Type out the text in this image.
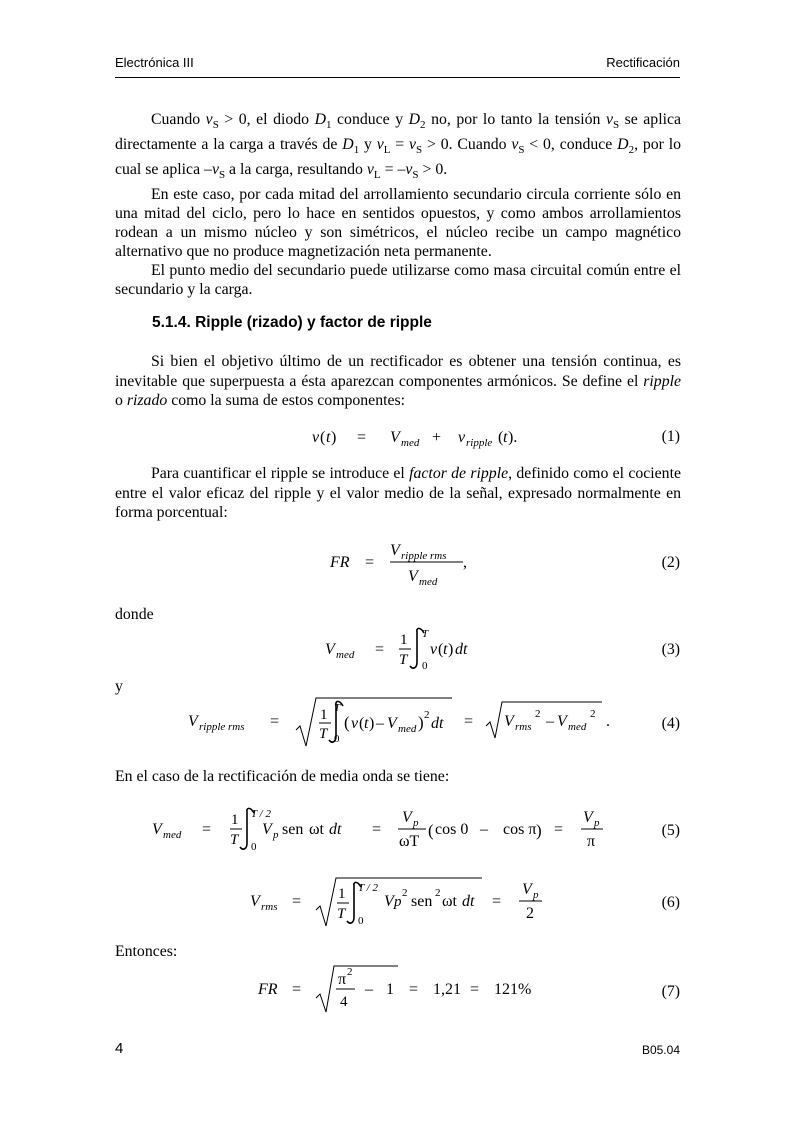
Electrónica III	Rectificación

Cuando $v_S > 0$, el diodo $D_1$ conduce y $D_2$ no, por lo tanto la tensión $v_S$ se aplica directamente a la carga a través de $D_1$ y $v_L = v_S > 0$. Cuando $v_S < 0$, conduce $D_2$, por lo cual se aplica $-v_S$ a la carga, resultando $v_L = -v_S > 0$.

En este caso, por cada mitad del arrollamiento secundario circula corriente sólo en una mitad del ciclo, pero lo hace en sentidos opuestos, y como ambos arrollamientos rodean a un mismo núcleo y son simétricos, el núcleo recibe un campo magnético alternativo que no produce magnetización neta permanente.

El punto medio del secundario puede utilizarse como masa circuital común entre el secundario y la carga.

5.1.4. Ripple (rizado) y factor de ripple

Si bien el objetivo último de un rectificador es obtener una tensión continua, es inevitable que superpuesta a ésta aparezcan componentes armónicos. Se define el ripple o rizado como la suma de estos componentes:

v ( t ) = V med + v ripple ( t ).	(1)

Para cuantificar el ripple se introduce el factor de ripple, definido como el cociente entre el valor eficaz del ripple y el valor medio de la señal, expresado normalmente en forma porcentual:

FR =
V ripple rms
V med
,	(2)
donde
V med =
1
T
T
0
v ( t ) dt	(3)
y
V ripple rms =	1
T
T
0
( v ( t ) – V med ) 2 dt = V rms
2 – V med
2 .	(4)
En el caso de la rectificación de media onda se tiene:
V med =
1
T
T / 2
0
V p sen ωt dt =
V p
ωT
( cos 0 – cos π ) =
V p
π
(5)
V rms = 1
T
T / 2
0
V p
2 sen 2 ωt dt =
V p
2
(6)
Entonces:
FR =
π 2
4
– 1 = 1,21 = 121%	(7)
4	B05.04
